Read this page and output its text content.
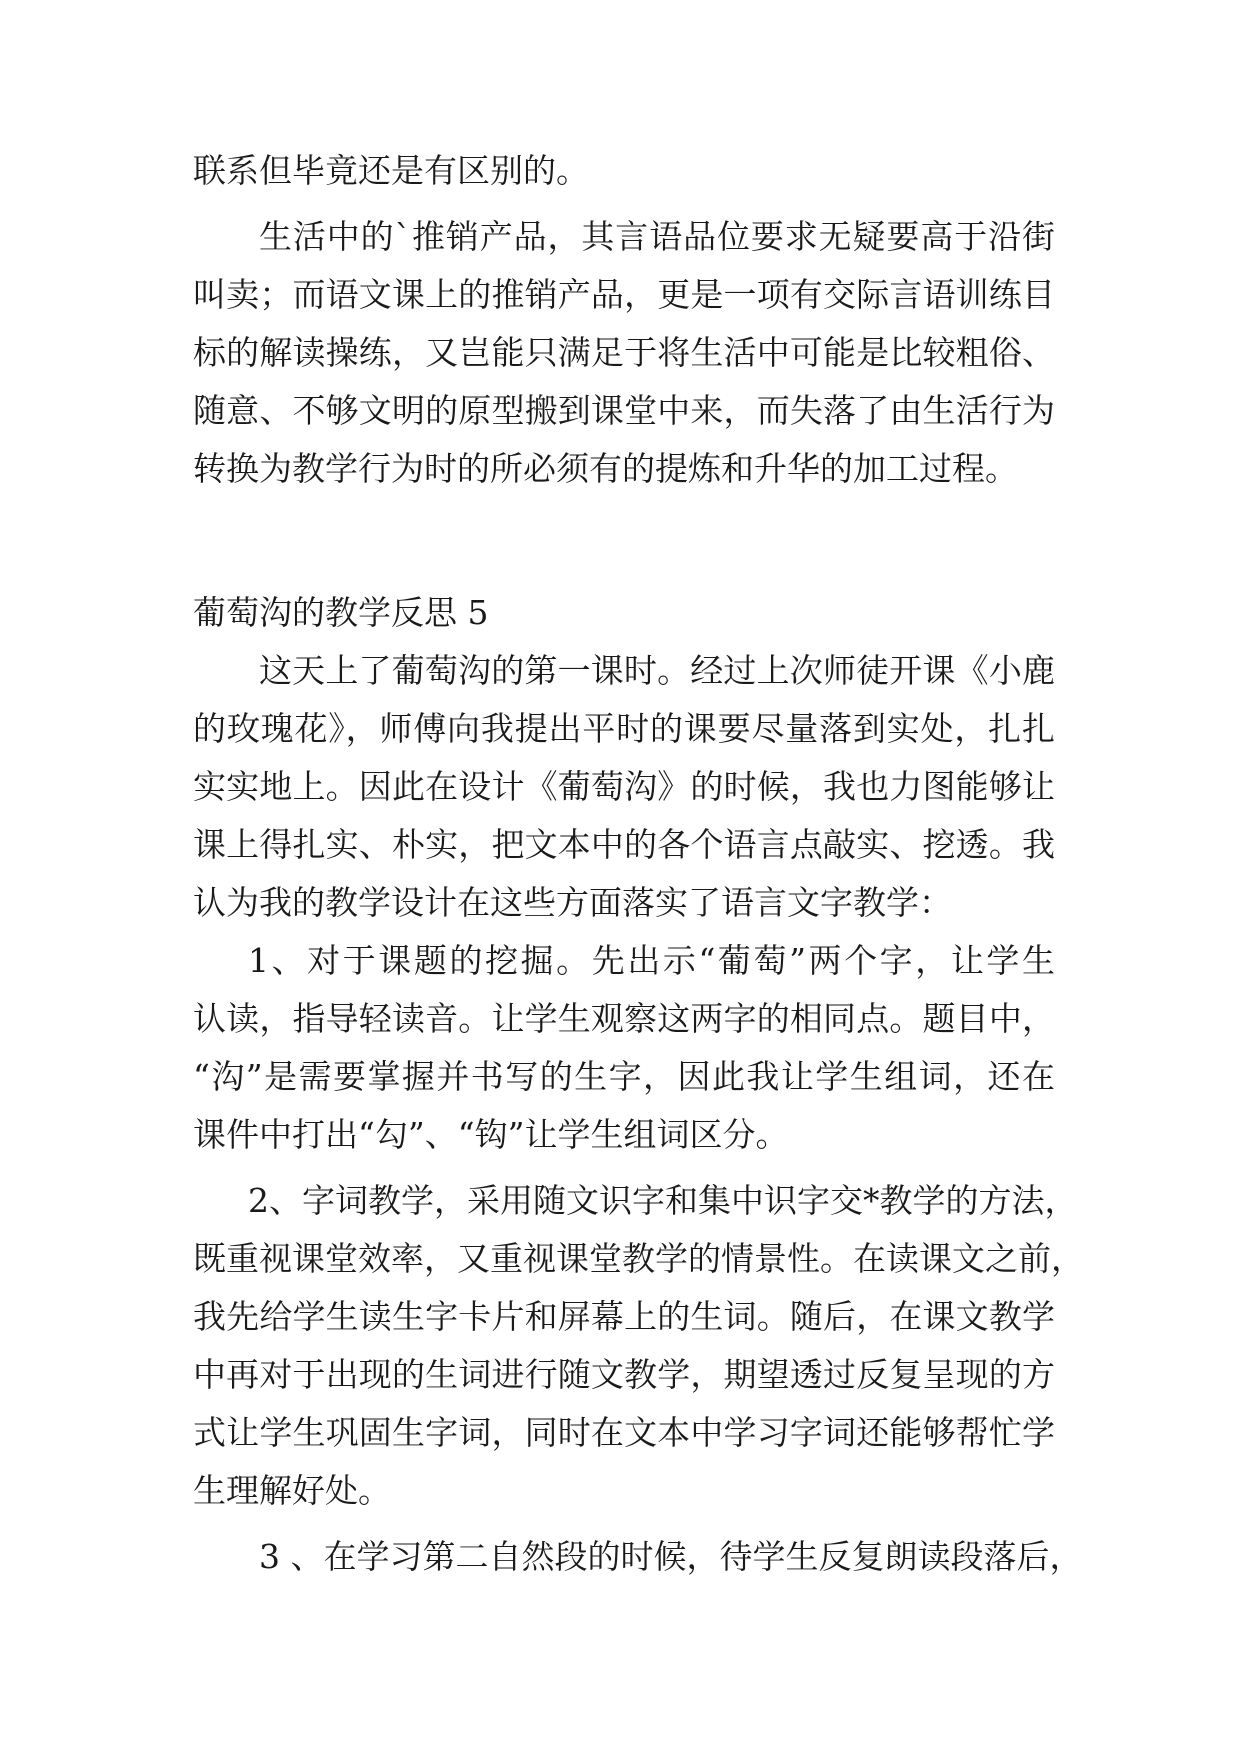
联系但毕竟还是有区别的。
生活中的`推销产品，其言语品位要求无疑要高于沿街
叫卖；而语文课上的推销产品，更是一项有交际言语训练目
标的解读操练，又岂能只满足于将生活中可能是比较粗俗、
随意、不够文明的原型搬到课堂中来，而失落了由生活行为
转换为教学行为时的所必须有的提炼和升华的加工过程。
葡萄沟的教学反思 5
这天上了葡萄沟的第一课时。经过上次师徒开课《小鹿
的玫瑰花》，师傅向我提出平时的课要尽量落到实处，扎扎
实实地上。因此在设计《葡萄沟》的时候，我也力图能够让
课上得扎实、朴实，把文本中的各个语言点敲实、挖透。我
认为我的教学设计在这些方面落实了语言文字教学：
1、对于课题的挖掘。先出示“葡萄”两个字，让学生
认读，指导轻读音。让学生观察这两字的相同点。题目中，
“沟”是需要掌握并书写的生字，因此我让学生组词，还在
课件中打出“勾”、“钩”让学生组词区分。
2、字词教学，采用随文识字和集中识字交*教学的方法，
既重视课堂效率，又重视课堂教学的情景性。在读课文之前，
我先给学生读生字卡片和屏幕上的生词。随后，在课文教学
中再对于出现的生词进行随文教学，期望透过反复呈现的方
式让学生巩固生字词，同时在文本中学习字词还能够帮忙学
生理解好处。
3 、在学习第二自然段的时候，待学生反复朗读段落后，
